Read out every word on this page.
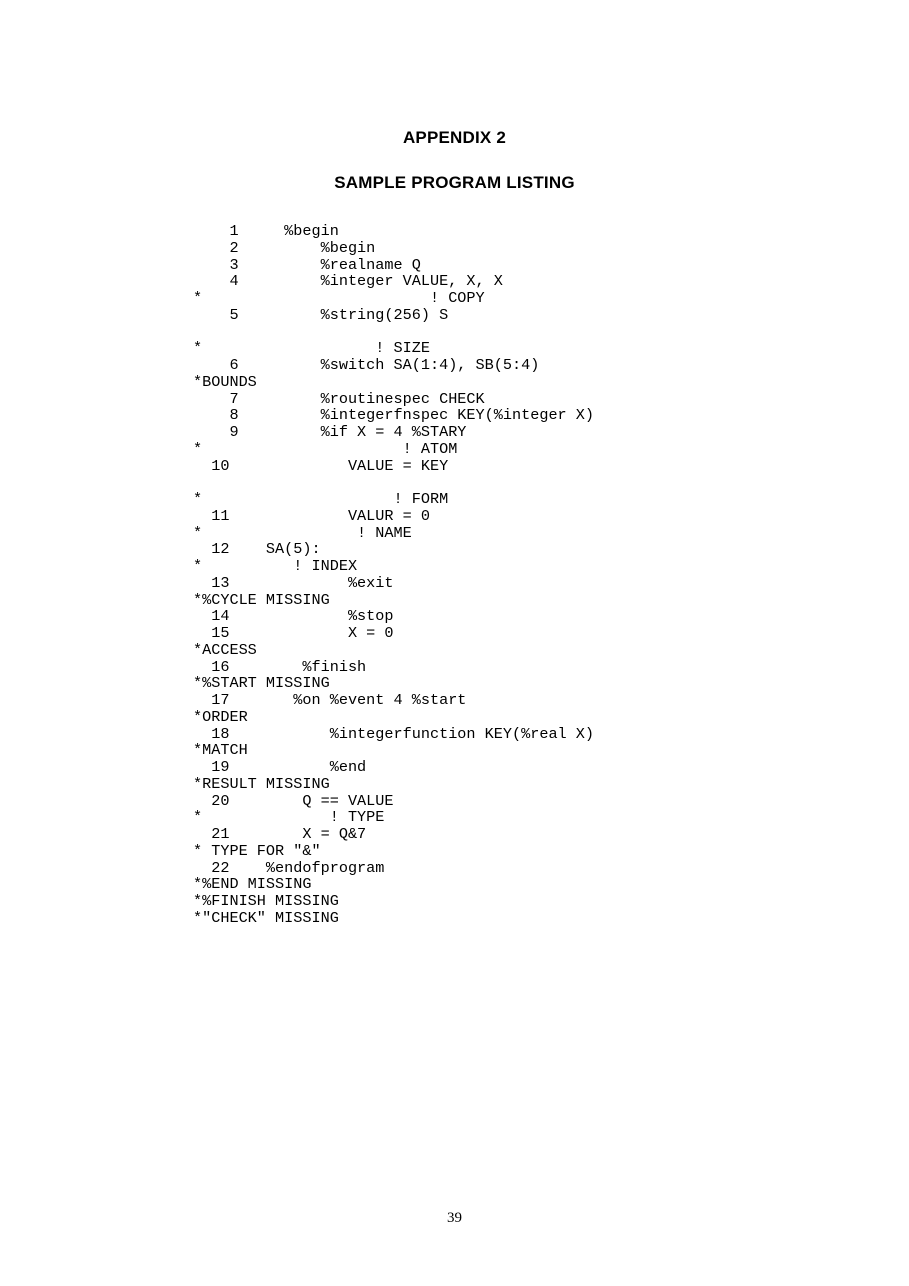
APPENDIX 2
SAMPLE PROGRAM LISTING
1     %begin
2         %begin
3         %realname Q
4         %integer VALUE, X, X
*                         ! COPY
5         %string(256) S
*                   ! SIZE
6         %switch SA(1:4), SB(5:4)
*BOUNDS
7         %routinespec CHECK
8         %integerfnspec KEY(%integer X)
9         %if X = 4 %STARY
*                      ! ATOM
10             VALUE = KEY
*                     ! FORM
11             VALUR = 0
*                 ! NAME
12    SA(5):
*          ! INDEX
13             %exit
*%CYCLE MISSING
14             %stop
15             X = 0
*ACCESS
16        %finish
*%START MISSING
17       %on %event 4 %start
*ORDER
18           %integerfunction KEY(%real X)
*MATCH
19           %end
*RESULT MISSING
20        Q == VALUE
*              ! TYPE
21        X = Q&7
* TYPE FOR "&"
22    %endofprogram
*%END MISSING
*%FINISH MISSING
*"CHECK" MISSING
39
